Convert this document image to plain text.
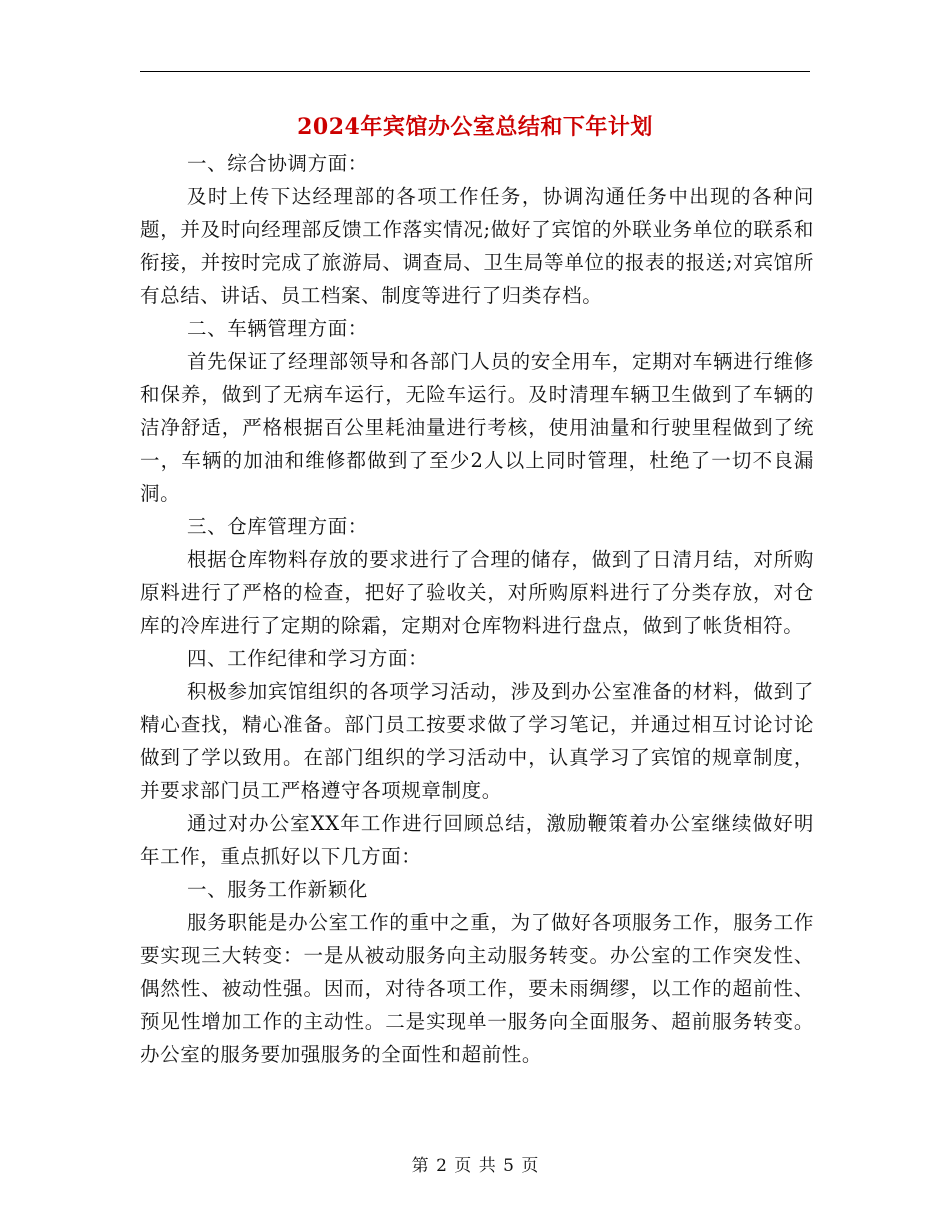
2024年宾馆办公室总结和下年计划

一、综合协调方面：

及时上传下达经理部的各项工作任务，协调沟通任务中出现的各种问题，并及时向经理部反馈工作落实情况;做好了宾馆的外联业务单位的联系和衔接，并按时完成了旅游局、调查局、卫生局等单位的报表的报送;对宾馆所有总结、讲话、员工档案、制度等进行了归类存档。

二、车辆管理方面：

首先保证了经理部领导和各部门人员的安全用车，定期对车辆进行维修和保养，做到了无病车运行，无险车运行。及时清理车辆卫生做到了车辆的洁净舒适，严格根据百公里耗油量进行考核，使用油量和行驶里程做到了统一，车辆的加油和维修都做到了至少2人以上同时管理，杜绝了一切不良漏洞。

三、仓库管理方面：

根据仓库物料存放的要求进行了合理的储存，做到了日清月结，对所购原料进行了严格的检查，把好了验收关，对所购原料进行了分类存放，对仓库的冷库进行了定期的除霜，定期对仓库物料进行盘点，做到了帐货相符。

四、工作纪律和学习方面：

积极参加宾馆组织的各项学习活动，涉及到办公室准备的材料，做到了精心查找，精心准备。部门员工按要求做了学习笔记，并通过相互讨论讨论做到了学以致用。在部门组织的学习活动中，认真学习了宾馆的规章制度，并要求部门员工严格遵守各项规章制度。

通过对办公室XX年工作进行回顾总结，激励鞭策着办公室继续做好明年工作，重点抓好以下几方面：

一、服务工作新颖化

服务职能是办公室工作的重中之重，为了做好各项服务工作，服务工作要实现三大转变：一是从被动服务向主动服务转变。办公室的工作突发性、偶然性、被动性强。因而，对待各项工作，要未雨绸缪，以工作的超前性、预见性增加工作的主动性。二是实现单一服务向全面服务、超前服务转变。办公室的服务要加强服务的全面性和超前性。

第 2 页 共 5 页
